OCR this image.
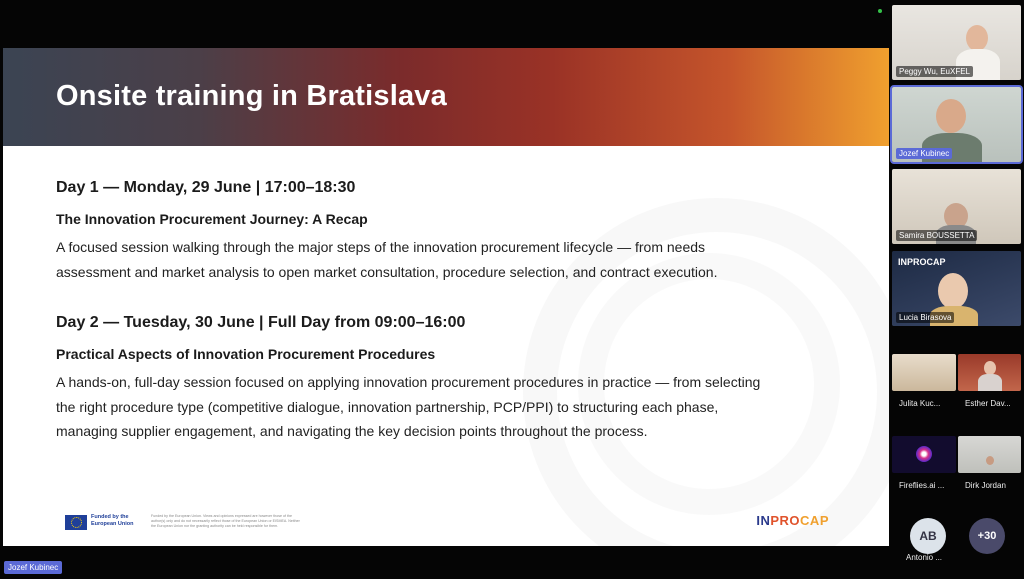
Onsite training in Bratislava
Day 1 — Monday, 29 June | 17:00–18:30
The Innovation Procurement Journey: A Recap
A focused session walking through the major steps of the innovation procurement lifecycle — from needs assessment and market analysis to open market consultation, procedure selection, and contract execution.
Day 2 — Tuesday, 30 June | Full Day from 09:00–16:00
Practical Aspects of Innovation Procurement Procedures
A hands-on, full-day session focused on applying innovation procurement procedures in practice — from selecting the right procedure type (competitive dialogue, innovation partnership, PCP/PPI) to structuring each phase, managing supplier engagement, and navigating the key decision points throughout the process.
Funded by the European Union
Funded by the European Union. Views and opinions expressed are however those of the author(s) only and do not necessarily reflect those of the European Union or EISMEA. Neither the European Union nor the granting authority can be held responsible for them.	INPROCAP
Peggy Wu, EuXFEL
Jozef Kubinec
Samira BOUSSETTA
INPROCAP
Lucia Birasova
Julita Kuc...	Esther Dav...
Fireflies.ai ...	Dirk Jordan
AB
Antonio ...
+30
Jozef Kubinec
